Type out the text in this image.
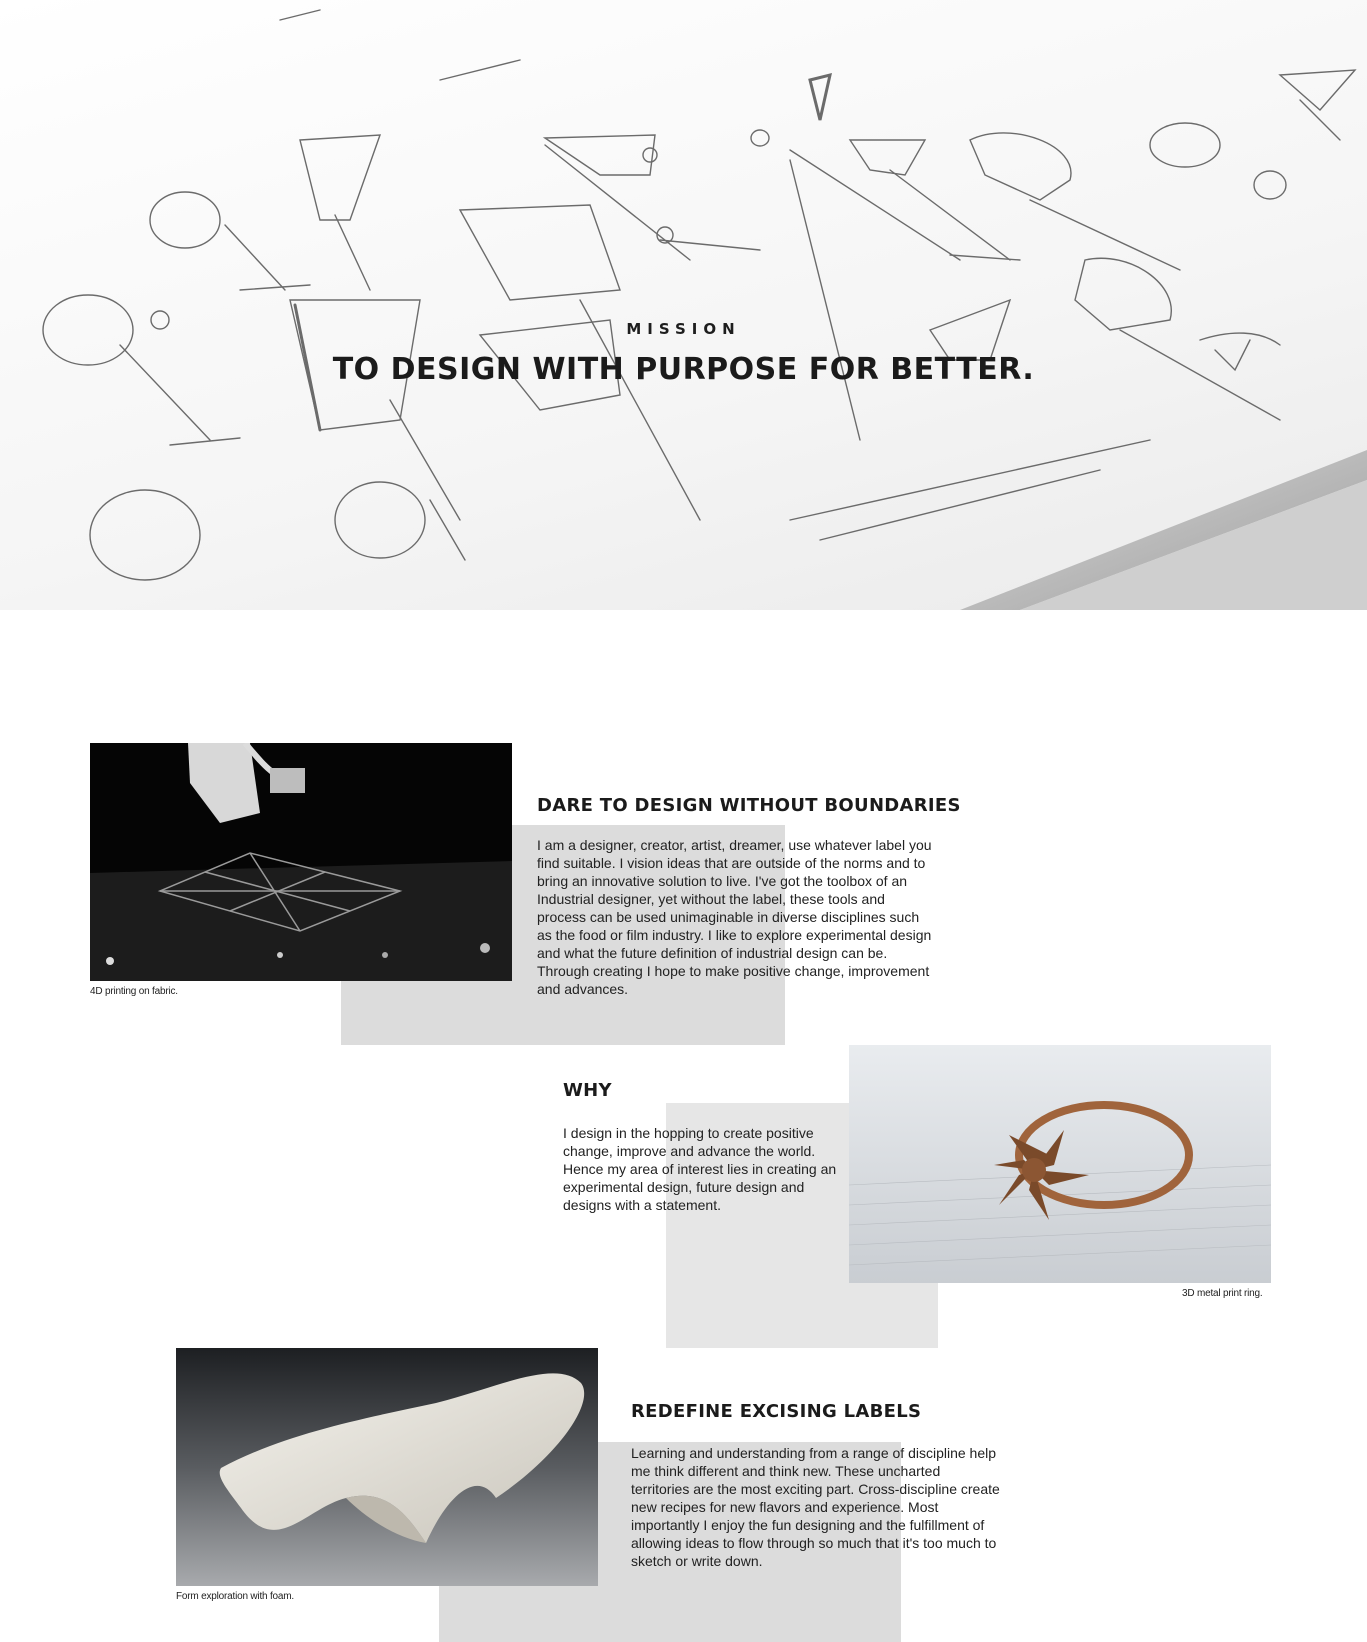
MISSION
TO DESIGN WITH PURPOSE FOR BETTER.
4D printing on fabric.
DARE TO DESIGN WITHOUT BOUNDARIES
I am a designer, creator, artist, dreamer, use whatever label you find suitable. I vision ideas that are outside of the norms and to bring an innovative solution to live. I've got the toolbox of an Industrial designer, yet without the label, these tools and process can be used unimaginable in diverse disciplines such as the food or film industry. I like to explore experimental design and what the future definition of industrial design can be. Through creating I hope to make positive change, improvement and advances.
3D metal print ring.
WHY
I design in the hopping to create positive change, improve and advance the world. Hence my area of interest lies in creating an experimental design, future design and designs with a statement.
Form exploration with foam.
REDEFINE EXCISING LABELS
Learning and understanding from a range of discipline help me think different and think new. These uncharted territories are the most exciting part. Cross-discipline create new recipes for new flavors and experience. Most importantly I enjoy the fun designing and the fulfillment of allowing ideas to flow through so much that it's too much to sketch or write down.
